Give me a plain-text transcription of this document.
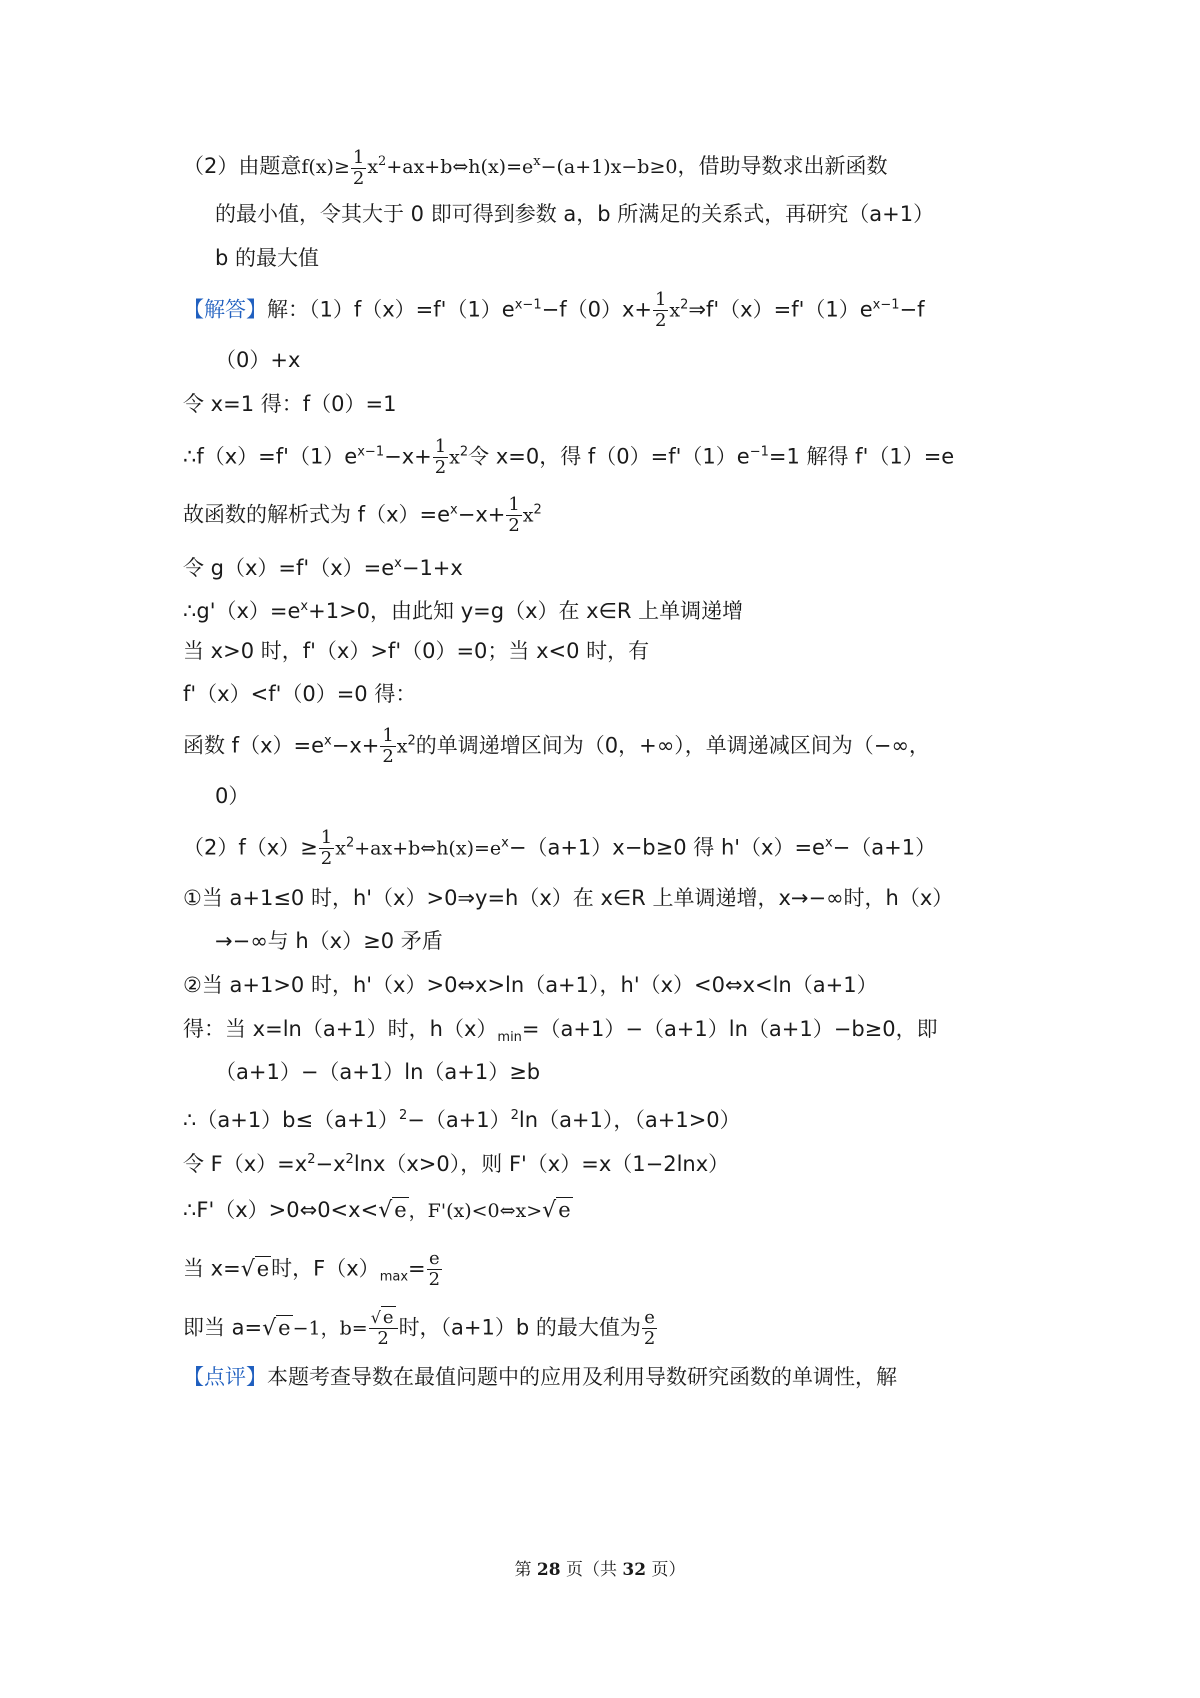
（2）由题意$f(x)\ge \frac{1}{2}$ $x^2+ax+b\Leftrightarrow h(x)=e^x-(a+1)x-b\ge 0$，借助导数求出新函数
的最小值，令其大于 0 即可得到参数 a，b 所满足的关系式，再研究（a+1）
b 的最大值
【解答】解：$(1)f(x)=f'(1)e^{x-1}-f(0)x+ \frac{1}{2}$ $x^2\Rightarrow f'(x)=f'(1)e^{x-1}-f$
（0）+x
令 x=1 得：f（0）=1
$\therefore f(x)=f'(1)e^{x-1}-x+ \frac{1}{2} x^2$令 x=0，得 $f(0)=f'(1)e^{-1}=1$ 解得 f'（1）=e
故函数的解析式为 $f(x)=e^x-x+ \frac{1}{2} x^2$
令 $g(x)=f'(x)=e^x-1+x$
$\therefore g'(x)=e^x+1>0$，由此知 y=g（x）在 x∈R 上单调递增
当 x>0 时，f'（x）>f'（0）=0；当 x<0 时，有
f'（x）<f'（0）=0 得：
函数 $f(x)=e^x-x+ \frac{1}{2} x^2$的单调递增区间为（0，+∞），单调递减区间为（−∞，
0）
$(2)f(x)\ge \frac{1}{2}$ $x^2+ax+b\Leftrightarrow h(x)=e^x-(a+1)x-b\ge 0$ 得 $h'(x)=e^x-(a+1)$
①当 a+1≤0 时，h'（x）>0⇒y=h（x）在 x∈R 上单调递增，x→−∞时，h（x）
→−∞与 h（x）≥0 矛盾
②当 a+1>0 时，h'（x）>0⇔x>ln（a+1），h'（x）<0⇔x<ln（a+1）
得：当 x=ln（a+1）时，$h(x)_{min}=(a+1)-(a+1)\ln(a+1)-b\ge 0$，即
（a+1）−（a+1）ln（a+1）≥b
$\therefore(a+1)b\le(a+1)^2-(a+1)^2\ln(a+1)$，（a+1>0）
令 $F(x)=x^2-x^2\ln x(x>0)$，则 F'（x）=x（1−2lnx）
∴F'（x）>0⇔0<x<√e ，F'(x)<0⇔x>√e
当 x=√e时，$F(x)_{max}= \frac{e}{2}$
即当 a=√e −1，$b= \frac{√ e}{2}$ 时，（a+1）b 的最大值为 $\frac{e}{2}$
【点评】本题考查导数在最值问题中的应用及利用导数研究函数的单调性，解
第 28 页（共 32 页）
